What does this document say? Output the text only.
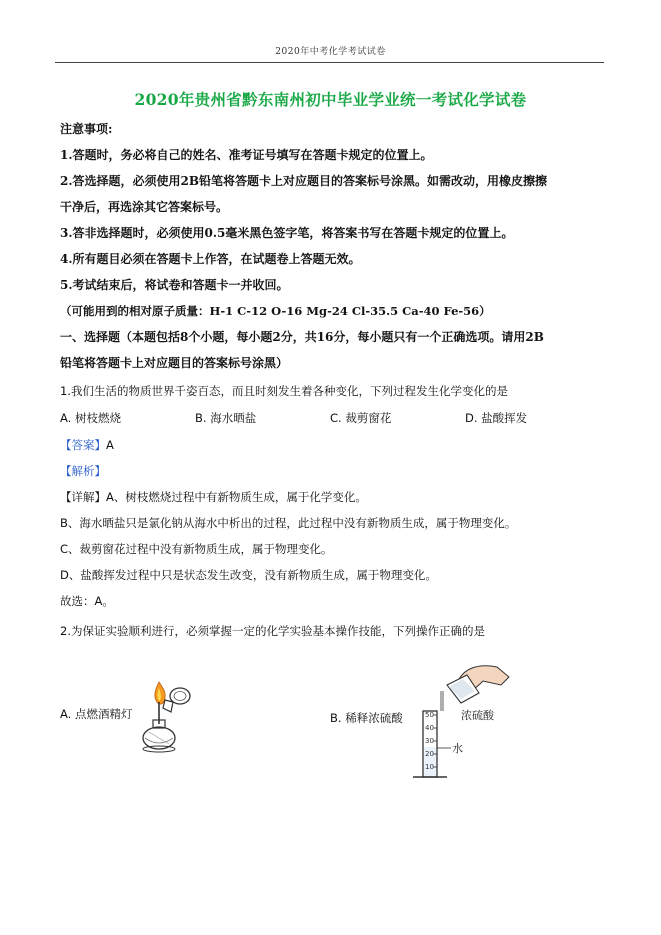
2020年中考化学考试试卷
2020年贵州省黔东南州初中毕业学业统一考试化学试卷
注意事项:
1.答题时，务必将自己的姓名、准考证号填写在答题卡规定的位置上。
2.答选择题，必须使用2B铅笔将答题卡上对应题目的答案标号涂黑。如需改动，用橡皮擦擦
干净后，再选涂其它答案标号。
3.答非选择题时，必须使用0.5毫米黑色签字笔，将答案书写在答题卡规定的位置上。
4.所有题目必须在答题卡上作答，在试题卷上答题无效。
5.考试结束后，将试卷和答题卡一并收回。
（可能用到的相对原子质量：H-1 C-12 O-16 Mg-24 Cl-35.5 Ca-40 Fe-56）
一、选择题（本题包括8个小题，每小题2分，共16分，每小题只有一个正确选项。请用2B
铅笔将答题卡上对应题目的答案标号涂黑）
1.我们生活的物质世界千姿百态，而且时刻发生着各种变化，下列过程发生化学变化的是
A. 树枝燃烧	B. 海水晒盐	C. 裁剪窗花	D. 盐酸挥发
【答案】A
【解析】
【详解】A、树枝燃烧过程中有新物质生成，属于化学变化。
B、海水晒盐只是氯化钠从海水中析出的过程，此过程中没有新物质生成，属于物理变化。
C、裁剪窗花过程中没有新物质生成，属于物理变化。
D、盐酸挥发过程中只是状态发生改变，没有新物质生成，属于物理变化。
故选：A。
2.为保证实验顺利进行，必须掌握一定的化学实验基本操作技能，下列操作正确的是
A. 点燃酒精灯	B. 稀释浓硫酸	50
40
30
20
10
水
浓硫酸
